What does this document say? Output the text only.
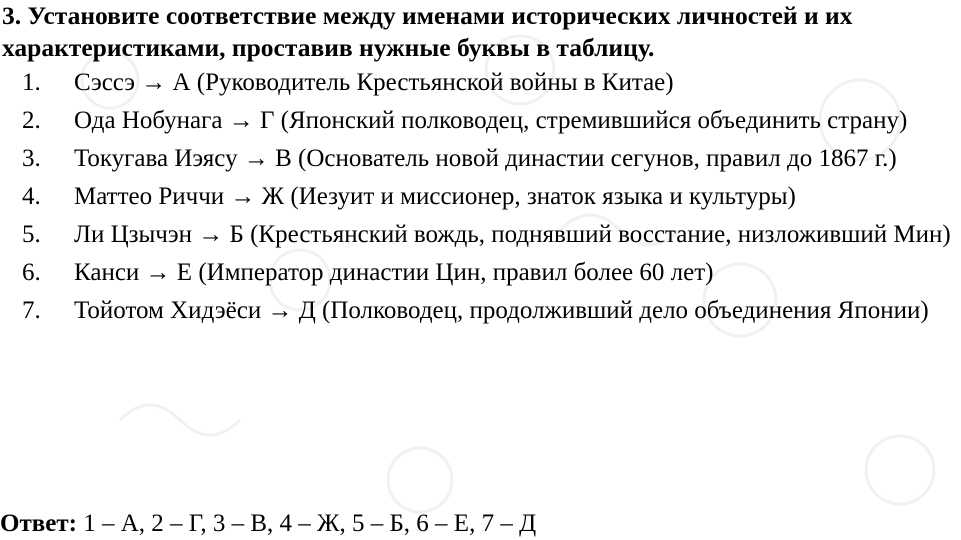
3. Установите соответствие между именами исторических личностей и их характеристиками, проставив нужные буквы в таблицу.

1. Сэссэ → А (Руководитель Крестьянской войны в Китае)
2. Ода Нобунага → Г (Японский полководец, стремившийся объединить страну)
3. Токугава Иэясу → В (Основатель новой династии сегунов, правил до 1867 г.)
4. Маттео Риччи → Ж (Иезуит и миссионер, знаток языка и культуры)
5. Ли Цзычэн → Б (Крестьянский вождь, поднявший восстание, низложивший Мин)
6. Канси → Е (Император династии Цин, правил более 60 лет)
7. Тойотом Хидэёси → Д (Полководец, продолживший дело объединения Японии)
Ответ: 1 – А, 2 – Г, 3 – В, 4 – Ж, 5 – Б, 6 – Е, 7 – Д
